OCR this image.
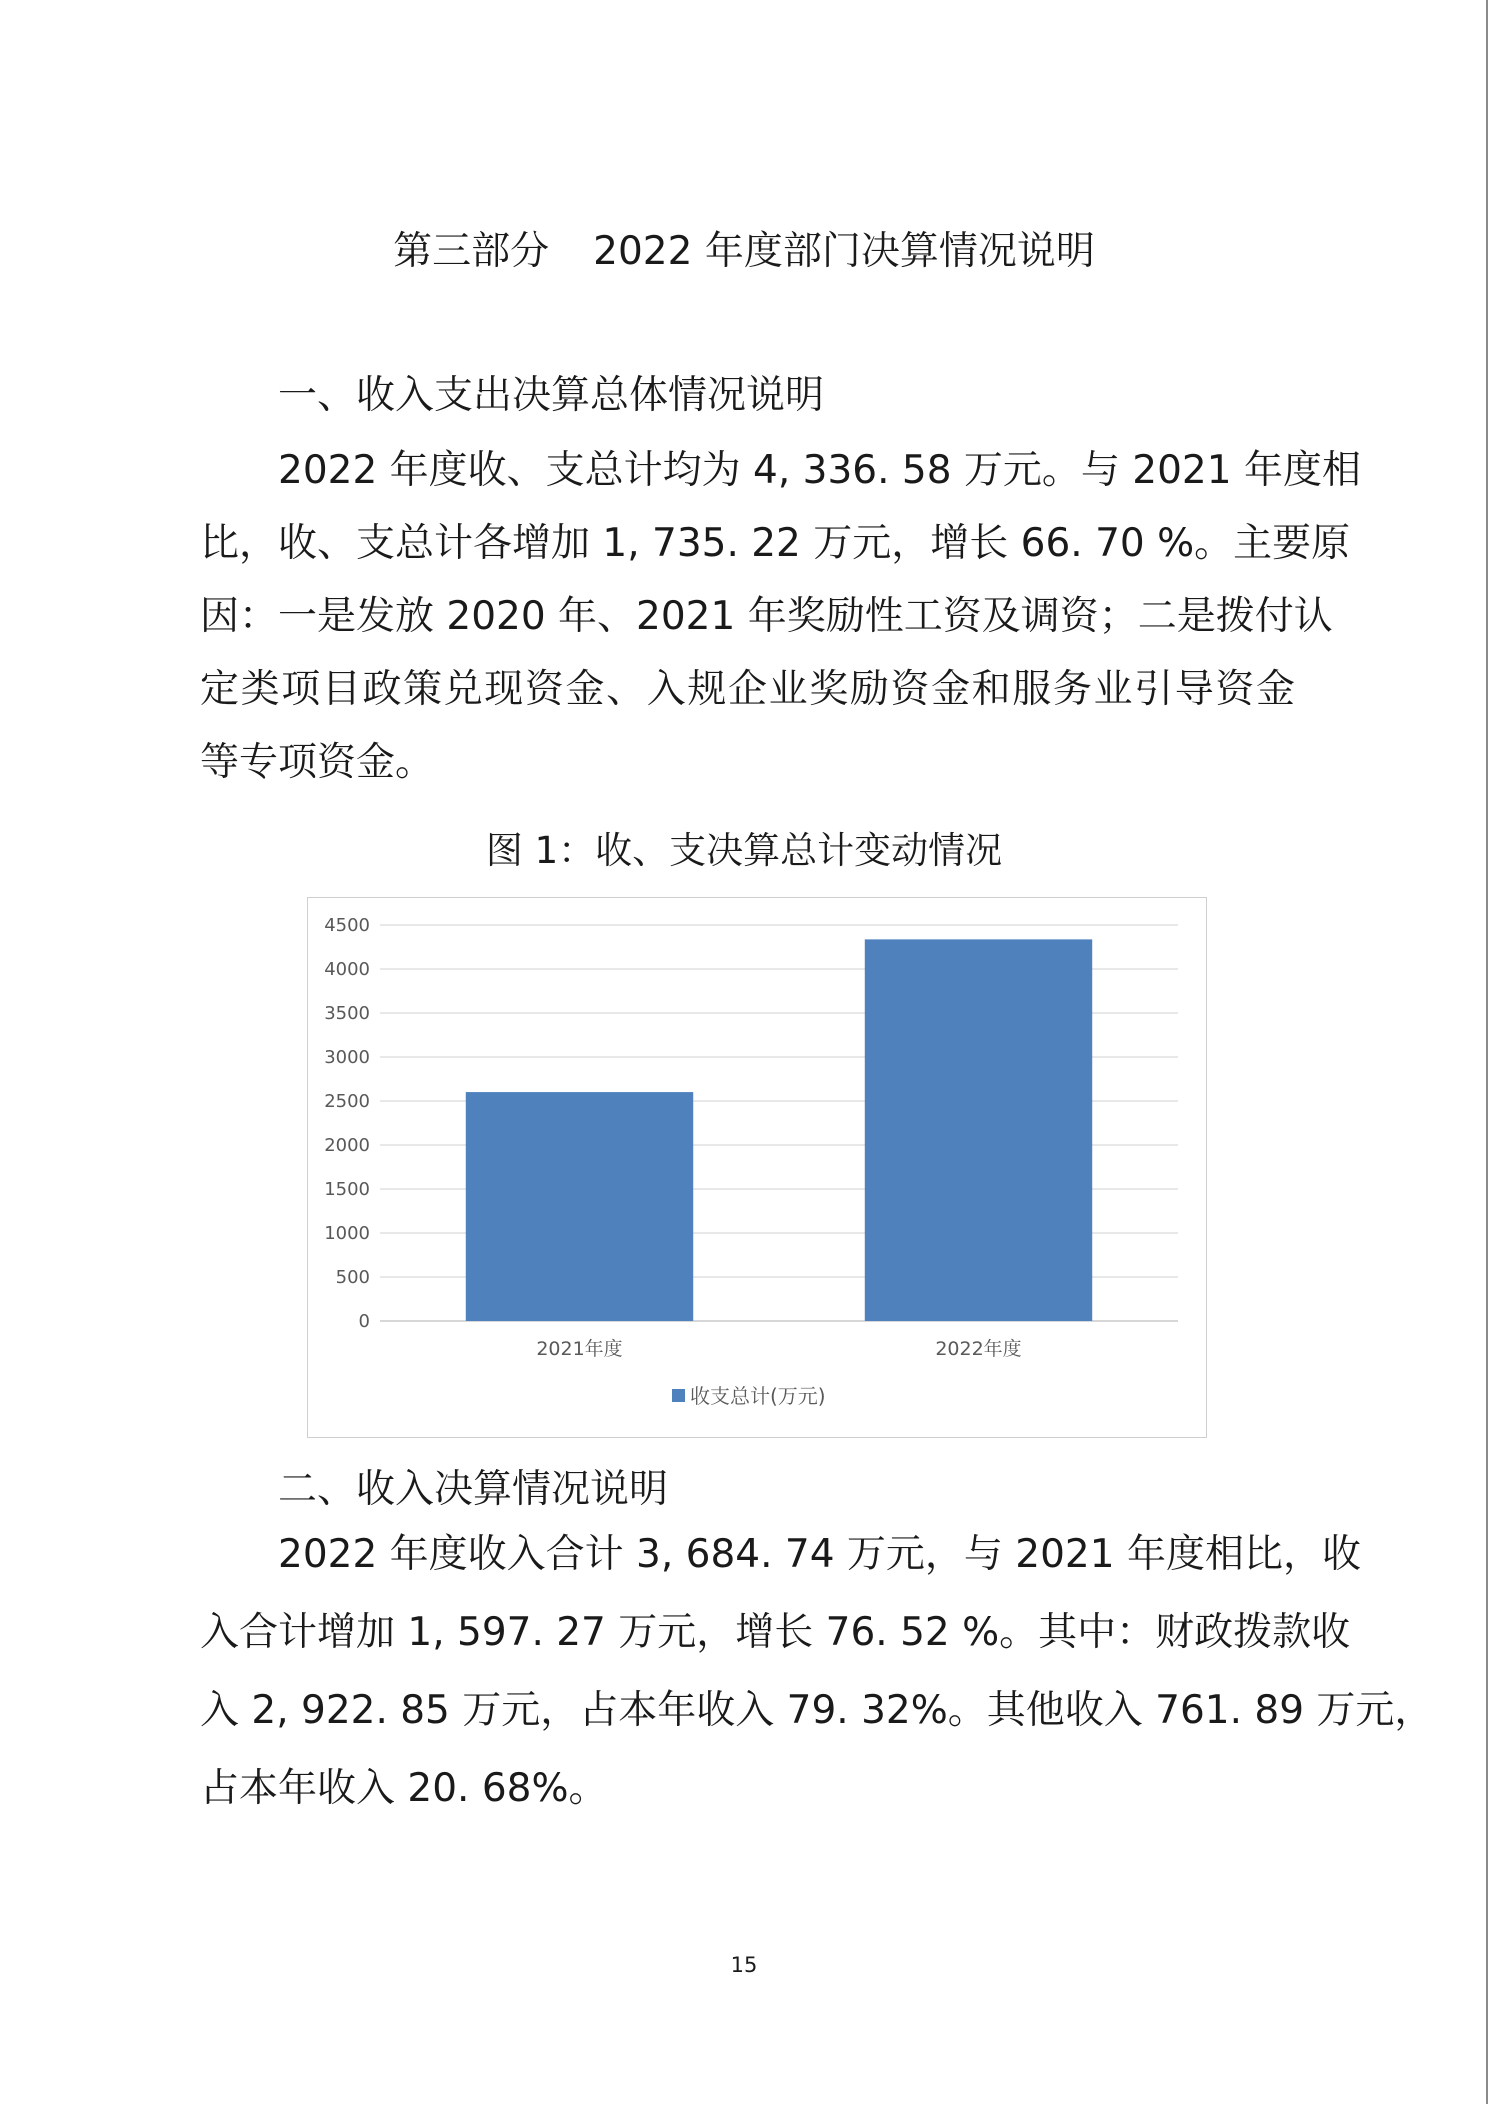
第三部分 2022 年度部门决算情况说明
一、收入支出决算总体情况说明
2022 年度收、支总计均为 4, 336. 58 万元。与 2021 年度相
比，收、支总计各增加 1, 735. 22 万元，增长 66. 70 %。主要原
因：一是发放 2020 年、2021 年奖励性工资及调资；二是拨付认
定类项目政策兑现资金、入规企业奖励资金和服务业引导资金
等专项资金。
图 1：收、支决算总计变动情况
0
500
1000
1500
2000
2500
3000
3500
4000
4500
2021年度	2022年度
收支总计(万元)
二、收入决算情况说明
2022 年度收入合计 3, 684. 74 万元，与 2021 年度相比，收
入合计增加 1, 597. 27 万元，增长 76. 52 %。其中：财政拨款收
入 2, 922. 85 万元，占本年收入 79. 32%。其他收入 761. 89 万元，
占本年收入 20. 68%。
15
